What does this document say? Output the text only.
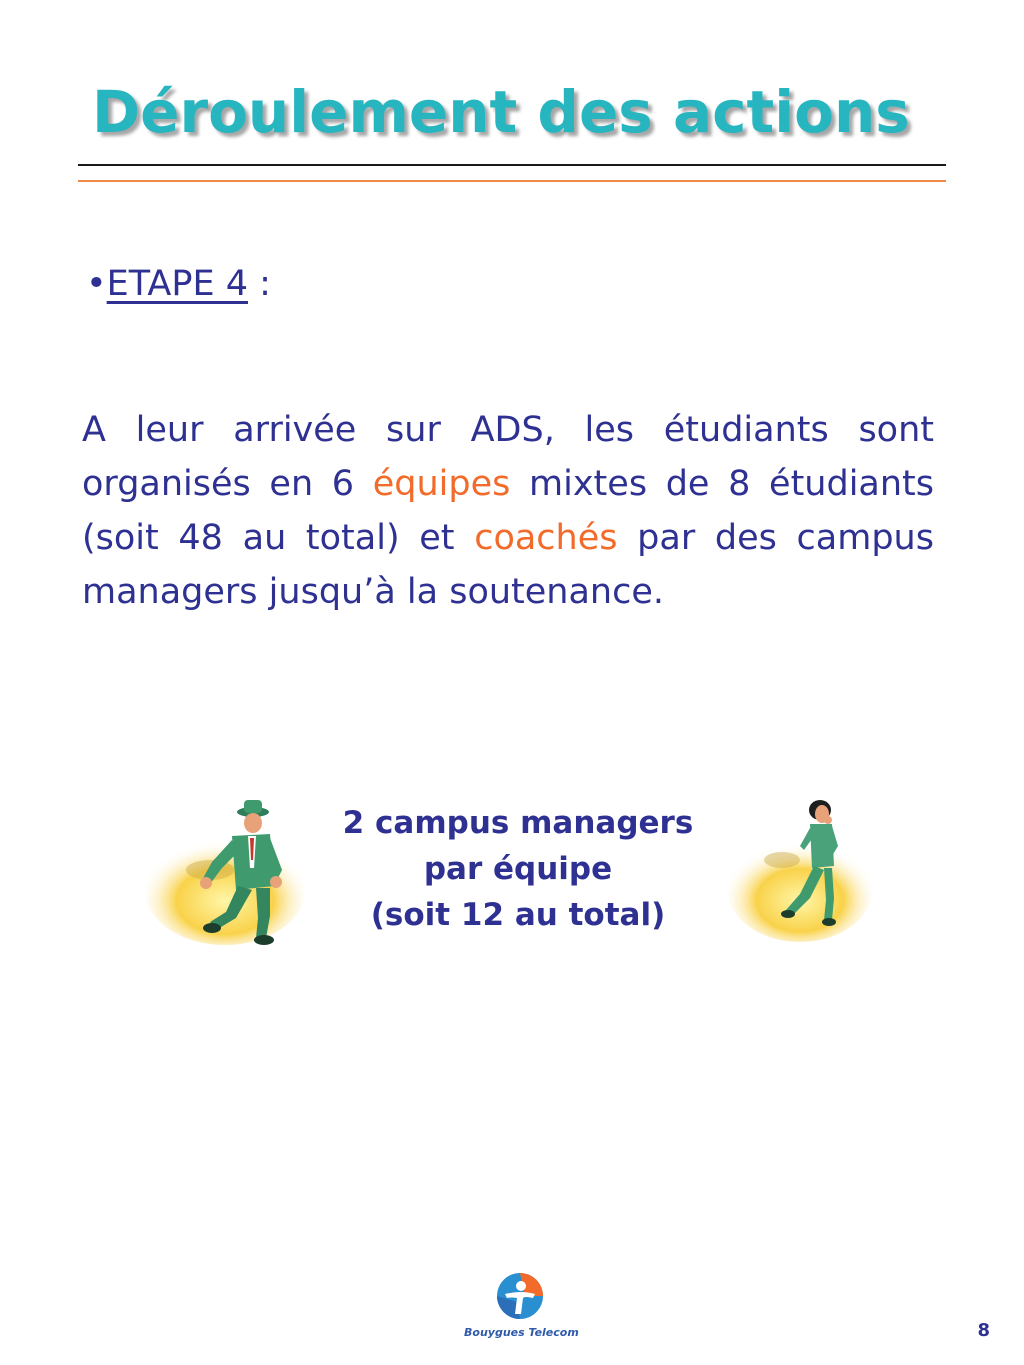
Déroulement des actions
•ETAPE 4 :

A leur arrivée sur ADS, les étudiants sont organisés en 6 équipes mixtes de 8 étudiants (soit 48 au total) et coachés par des campus managers jusqu’à la soutenance.

2 campus managers
par équipe
(soit 12 au total)
Bouygues Telecom	8
